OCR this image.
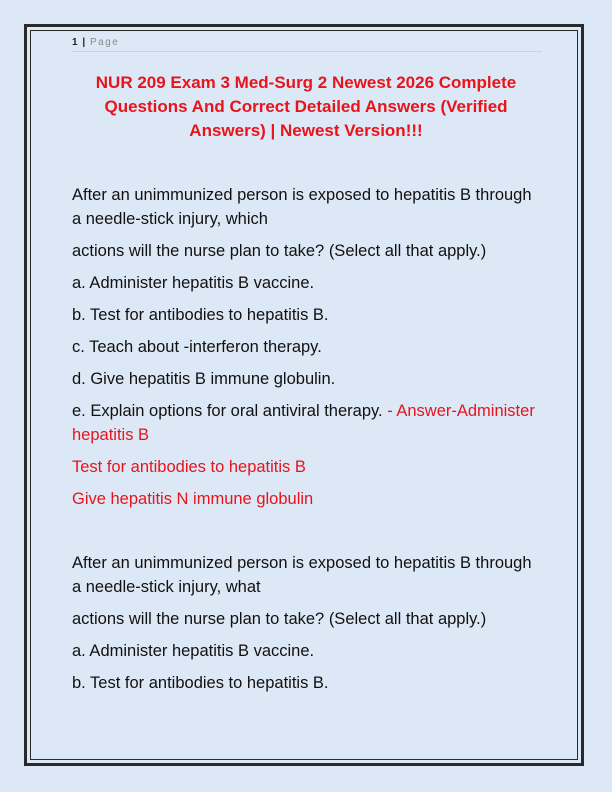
1 | Page
NUR 209 Exam 3 Med-Surg 2 Newest 2026 Complete Questions And Correct Detailed Answers (Verified Answers) | Newest Version!!!

After an unimmunized person is exposed to hepatitis B through a needle-stick injury, which

actions will the nurse plan to take? (Select all that apply.)

a. Administer hepatitis B vaccine.

b. Test for antibodies to hepatitis B.

c. Teach about -interferon therapy.

d. Give hepatitis B immune globulin.

e. Explain options for oral antiviral therapy. - Answer-Administer hepatitis B

Test for antibodies to hepatitis B

Give hepatitis N immune globulin

After an unimmunized person is exposed to hepatitis B through a needle-stick injury, what

actions will the nurse plan to take? (Select all that apply.)

a. Administer hepatitis B vaccine.

b. Test for antibodies to hepatitis B.
